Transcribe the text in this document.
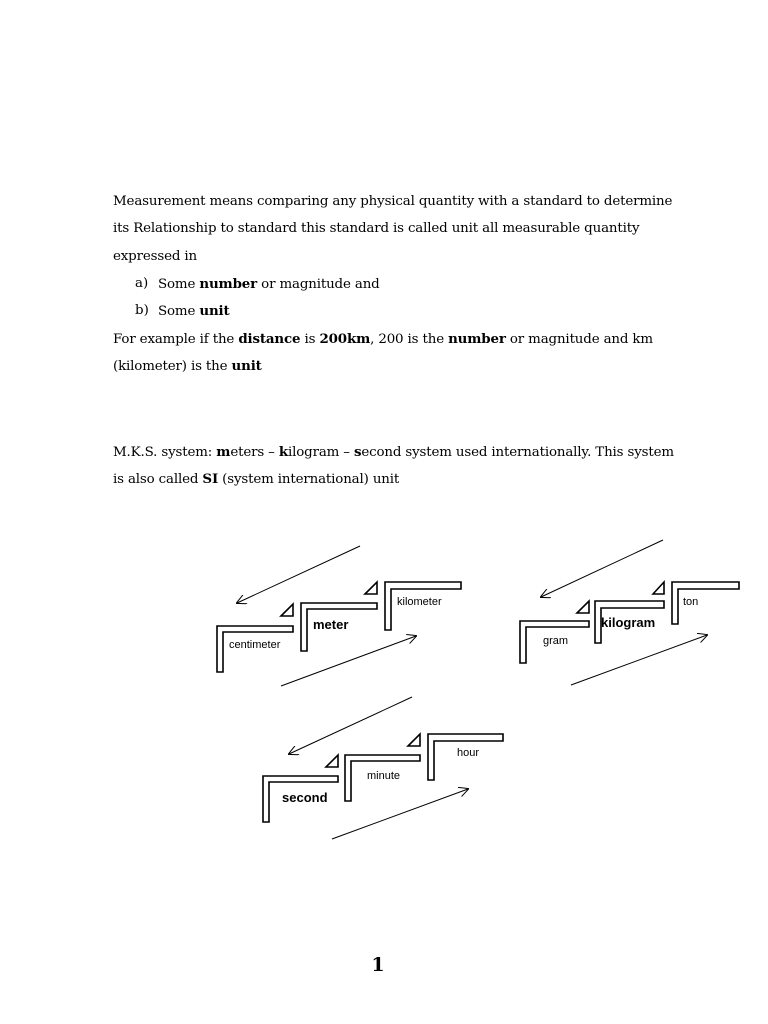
Measurement means comparing any physical quantity with a standard to determine

its Relationship to standard this standard is called unit all measurable quantity

expressed in

a) Some number or magnitude and
b) Some unit

For example if the distance is 200km, 200 is the number or magnitude and km

(kilometer) is the unit

M.K.S. system: meters – kilogram – second system used internationally. This system

is also called SI (system international) unit

centimeter
meter
kilometer
gram
kilogram
ton
second
minute
hour
1
